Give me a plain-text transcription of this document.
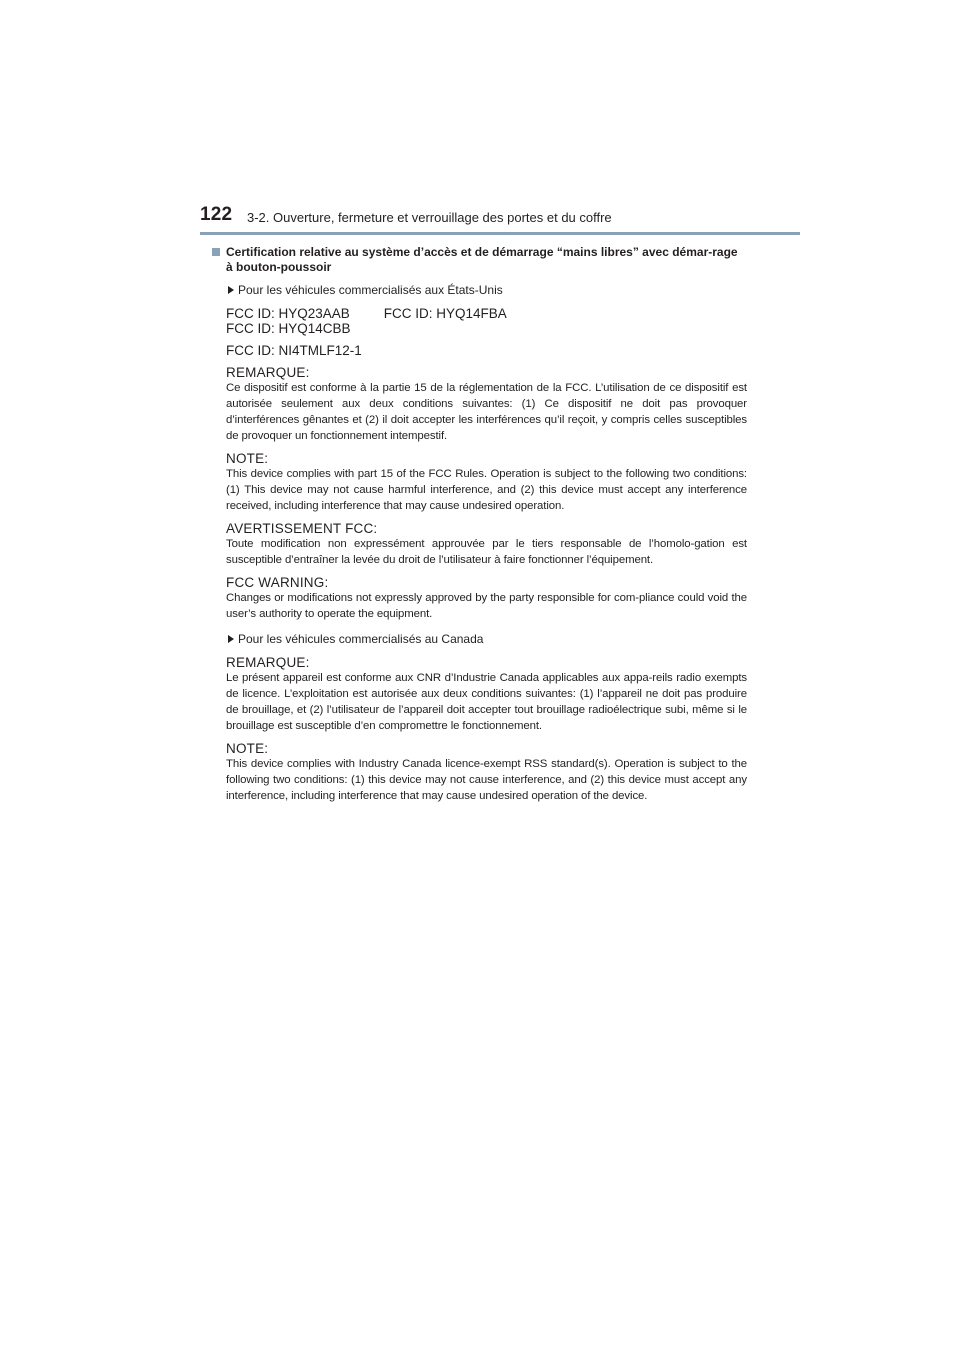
122 3-2. Ouverture, fermeture et verrouillage des portes et du coffre
Certification relative au système d’accès et de démarrage “mains libres” avec démar-rage à bouton-poussoir
Pour les véhicules commercialisés aux États-Unis
FCC ID: HYQ23AAB	FCC ID: HYQ14FBA
FCC ID: HYQ14CBB
FCC ID: NI4TMLF12-1
REMARQUE:
Ce dispositif est conforme à la partie 15 de la réglementation de la FCC. L’utilisation de ce dispositif est autorisée seulement aux deux conditions suivantes: (1) Ce dispositif ne doit pas provoquer d’interférences gênantes et (2) il doit accepter les interférences qu’il reçoit, y compris celles susceptibles de provoquer un fonctionnement intempestif.
NOTE:
This device complies with part 15 of the FCC Rules. Operation is subject to the following two conditions: (1) This device may not cause harmful interference, and (2) this device must accept any interference received, including interference that may cause undesired operation.
AVERTISSEMENT FCC:
Toute modification non expressément approuvée par le tiers responsable de l’homolo-gation est susceptible d’entraîner la levée du droit de l’utilisateur à faire fonctionner l’équipement.
FCC WARNING:
Changes or modifications not expressly approved by the party responsible for com-pliance could void the user’s authority to operate the equipment.
Pour les véhicules commercialisés au Canada
REMARQUE:
Le présent appareil est conforme aux CNR d’Industrie Canada applicables aux appa-reils radio exempts de licence. L’exploitation est autorisée aux deux conditions suivantes: (1) l’appareil ne doit pas produire de brouillage, et (2) l’utilisateur de l’appareil doit accepter tout brouillage radioélectrique subi, même si le brouillage est susceptible d’en compromettre le fonctionnement.
NOTE:
This device complies with Industry Canada licence-exempt RSS standard(s). Operation is subject to the following two conditions: (1) this device may not cause interference, and (2) this device must accept any interference, including interference that may cause undesired operation of the device.
